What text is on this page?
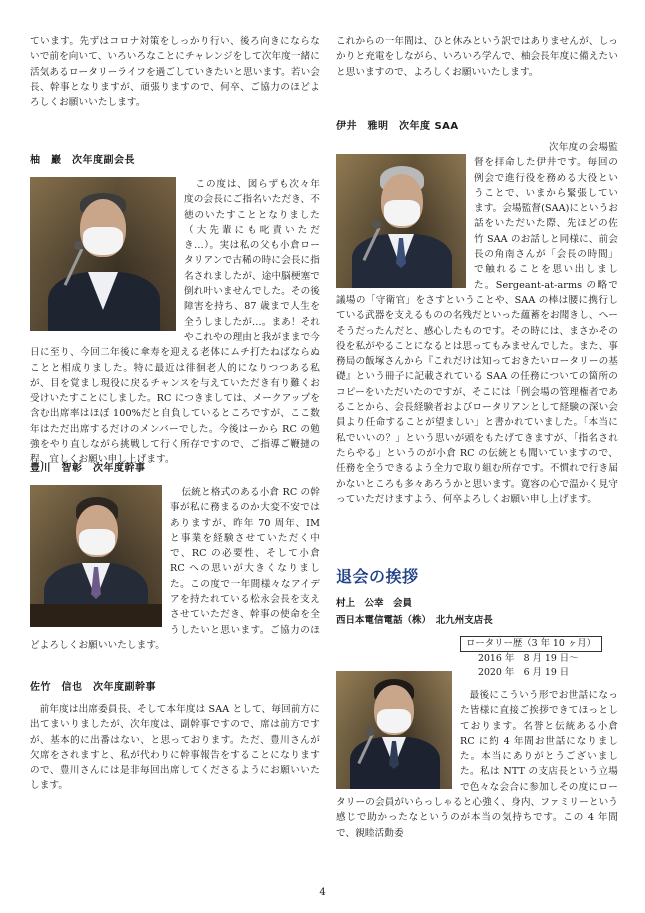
ています。先ずはコロナ対策をしっかり行い、後ろ向きにならないで前を向いて、いろいろなことにチャレンジをして次年度一緒に活気あるロータリーライフを過ごしていきたいと思います。若い会長、幹事となりますが、頑張りますので、何卒、ご協力のほどよろしくお願いいたします。

柚　巖　次年度副会長

この度は、図らずも次々年度の会長にご指名いただき、不徳のいたすこととなりました（大先輩にも叱責いただき…）。実は私の父も小倉ロータリアンで古稀の時に会長に指名されましたが、途中脳梗塞で倒れ叶いませんでした。その後障害を持ち、87 歳まで人生を全うしましたが…。まあ！それやこれやの理由と我がままで今日に至り、今回二年後に傘寿を迎える老体にムチ打たねばならぬことと相成りました。特に最近は徘徊老人的になりつつある私が、目を覚まし現役に戻るチャンスを与えていただき有り難くお受けいたすことにしました。RC につきましては、メークアップを含む出席率はほぼ 100%だと自負しているところですが、ここ数年はただ出席するだけのメンバーでした。今後はーから RC の勉強をやり直しながら挑戦して行く所存ですので、ご指導ご鞭撻の程、宜しくお願い申し上げます。

豊川　智彰　次年度幹事

伝統と格式のある小倉 RC の幹事が私に務まるのか大変不安ではありますが、昨年 70 周年、IM と事業を経験させていただく中で、RC の必要性、そして小倉 RC への思いが大きくなりました。この度で一年間様々なアイデアを持たれている松永会長を支えさせていただき、幹事の使命を全うしたいと思います。ご協力のほどよろしくお願いいたします。

佐竹　信也　次年度副幹事

前年度は出席委員長、そして本年度は SAA として、毎回前方に出てまいりましたが、次年度は、副幹事ですので、席は前方ですが、基本的に出番はない、と思っております。ただ、豊川さんが欠席をされますと、私が代わりに幹事報告をすることになりますので、豊川さんには是非毎回出席してくださるようにお願いいたします。

これからの一年間は、ひと休みという訳ではありませんが、しっかりと充電をしながら、いろいろ学んで、柚会長年度に備えたいと思いますので、よろしくお願いいたします。

伊井　雅明　次年度 SAA

次年度の会場監督を拝命した伊井です。毎回の例会で進行役を務める大役ということで、いまから緊張しています。会場監督(SAA)にというお話をいただいた際、先ほどの佐竹 SAA のお話しと同様に、前会長の角南さんが「会長の時間」で触れることを思い出しました。Sergeant-at-arms の略で議場の「守衛官」をさすということや、SAA の棒は腰に携行している武器を支えるものの名残だといった蘊蓄をお聞きし、へーそうだったんだと、感心したものです。その時には、まさかその役を私がやることになるとは思ってもみませんでした。また、事務局の飯塚さんから『これだけは知っておきたいロータリーの基礎』という冊子に記載されている SAA の任務についての箇所のコピーをいただいたのですが、そこには「例会場の管理権者であることから、会長経験者およびロータリアンとして経験の深い会員より任命することが望ましい」と書かれていました。「本当に私でいいの？」という思いが頭をもたげてきますが、「指名されたらやる」というのが小倉 RC の伝統とも聞いていますので、任務を全うできるよう全力で取り組む所存です。不慣れで行き届かないところも多々あろうかと思います。寛容の心で温かく見守っていただけますよう、何卒よろしくお願い申し上げます。

退会の挨拶

村上　公幸　会員

西日本電信電話（株）　北九州支店長

ロータリー歴（3 年 10 ヶ月）

2016 年　8 月 19 日～

2020 年　6 月 19 日

最後にこういう形でお世話になった皆様に直接ご挨拶できてほっとしております。名誉と伝統ある小倉 RC に約 4 年間お世話になりました。本当にありがとうございました。私は NTT の支店長という立場で色々な会合に参加しその度にロータリーの会員がいらっしゃると心強く、身内、ファミリーという感じで助かったなというのが本当の気持ちです。この 4 年間で、親睦活動委

4
